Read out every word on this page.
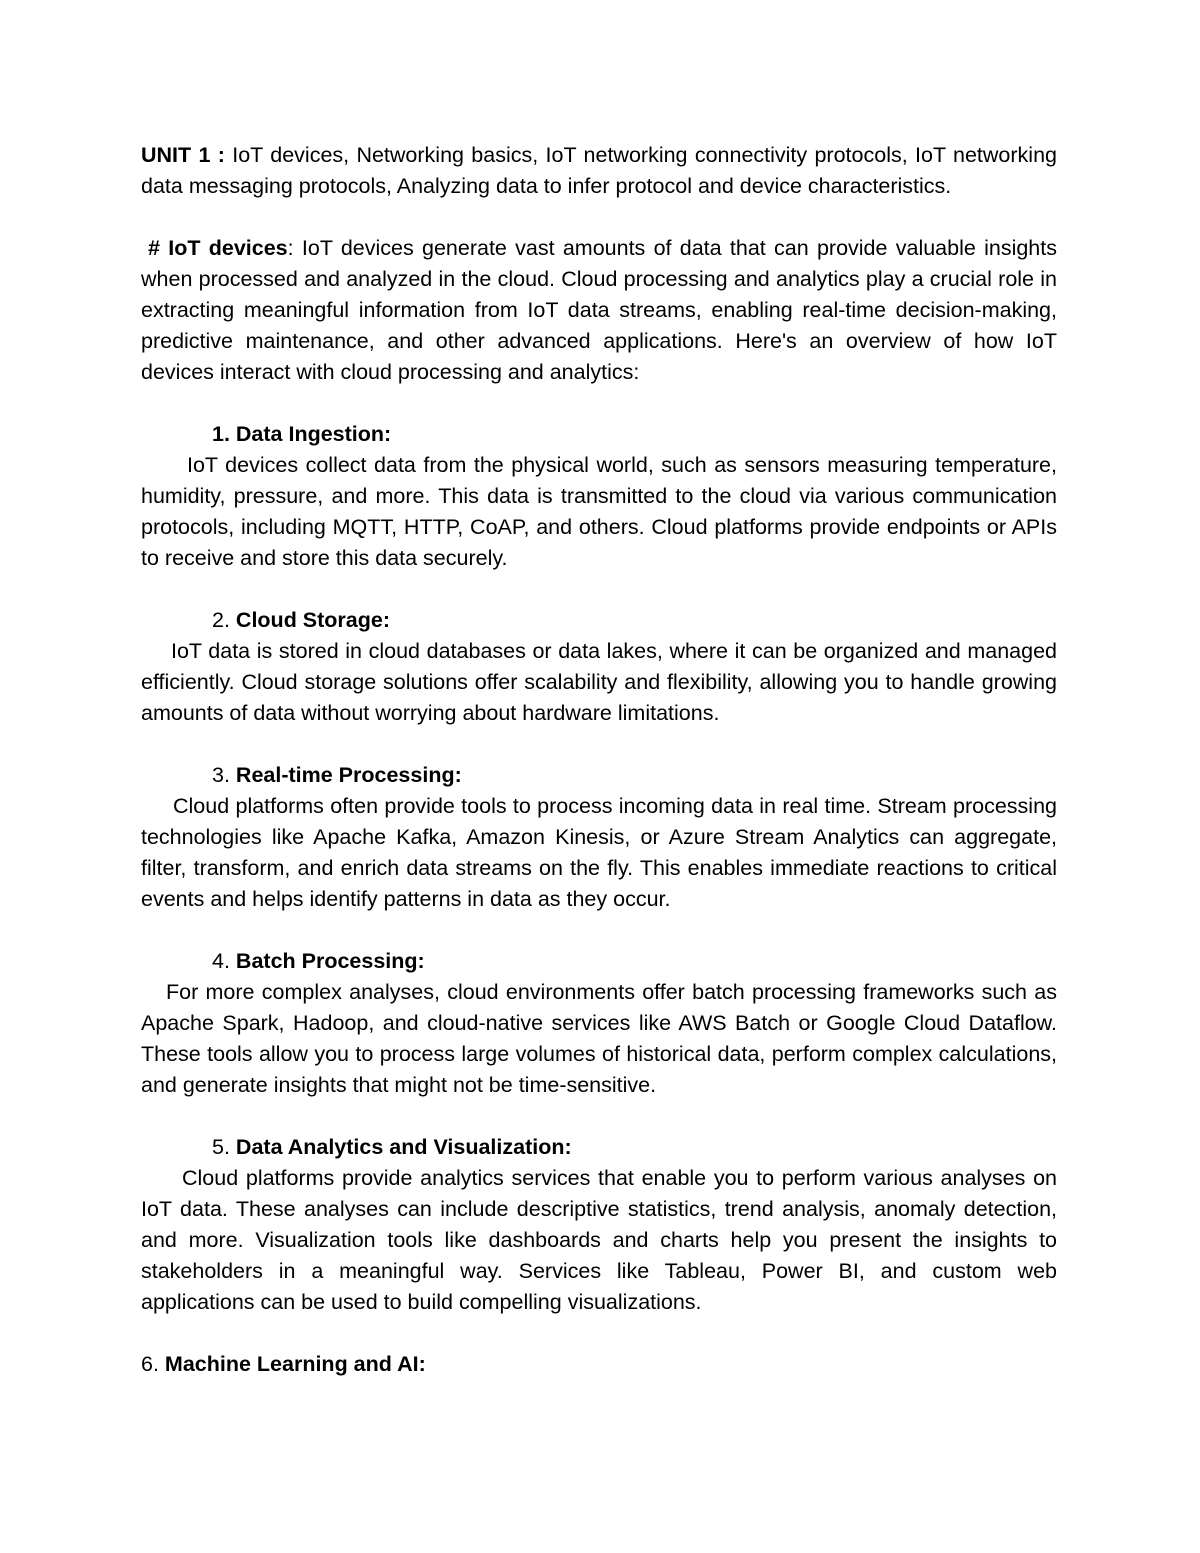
UNIT 1 : IoT devices, Networking basics, IoT networking connectivity protocols, IoT networking data messaging protocols, Analyzing data to infer protocol and device characteristics.

# IoT devices: IoT devices generate vast amounts of data that can provide valuable insights when processed and analyzed in the cloud. Cloud processing and analytics play a crucial role in extracting meaningful information from IoT data streams, enabling real-time decision-making, predictive maintenance, and other advanced applications. Here's an overview of how IoT devices interact with cloud processing and analytics:

1. Data Ingestion:

IoT devices collect data from the physical world, such as sensors measuring temperature, humidity, pressure, and more. This data is transmitted to the cloud via various communication protocols, including MQTT, HTTP, CoAP, and others. Cloud platforms provide endpoints or APIs to receive and store this data securely.

2. Cloud Storage:

IoT data is stored in cloud databases or data lakes, where it can be organized and managed efficiently. Cloud storage solutions offer scalability and flexibility, allowing you to handle growing amounts of data without worrying about hardware limitations.

3. Real-time Processing:

Cloud platforms often provide tools to process incoming data in real time. Stream processing technologies like Apache Kafka, Amazon Kinesis, or Azure Stream Analytics can aggregate, filter, transform, and enrich data streams on the fly. This enables immediate reactions to critical events and helps identify patterns in data as they occur.

4. Batch Processing:

For more complex analyses, cloud environments offer batch processing frameworks such as Apache Spark, Hadoop, and cloud-native services like AWS Batch or Google Cloud Dataflow. These tools allow you to process large volumes of historical data, perform complex calculations, and generate insights that might not be time-sensitive.

5. Data Analytics and Visualization:

Cloud platforms provide analytics services that enable you to perform various analyses on IoT data. These analyses can include descriptive statistics, trend analysis, anomaly detection, and more. Visualization tools like dashboards and charts help you present the insights to stakeholders in a meaningful way. Services like Tableau, Power BI, and custom web applications can be used to build compelling visualizations.

6. Machine Learning and AI:
